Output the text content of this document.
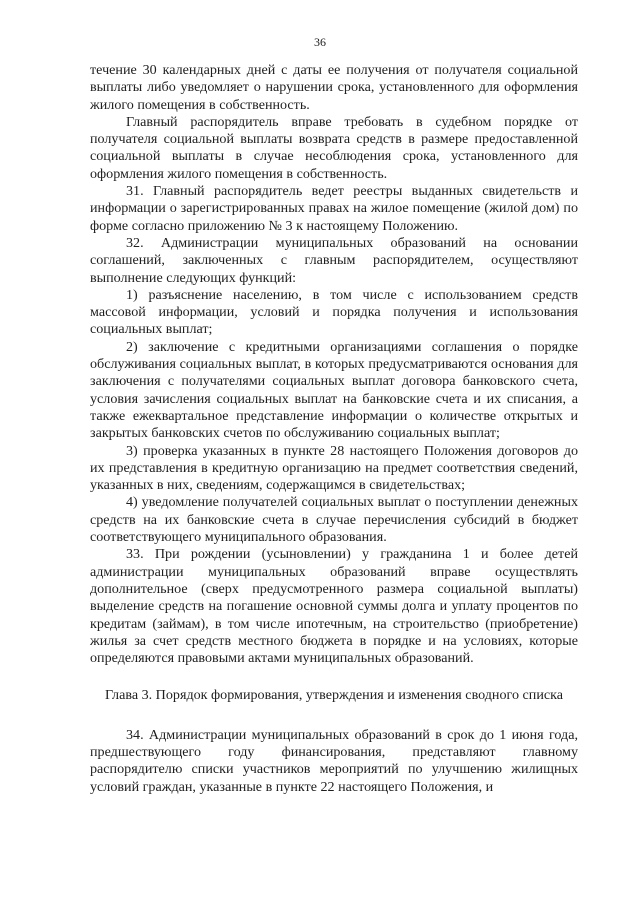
36

течение 30 календарных дней с даты ее получения от получателя социальной выплаты либо уведомляет о нарушении срока, установленного для оформления жилого помещения в собственность.

Главный распорядитель вправе требовать в судебном порядке от получателя социальной выплаты возврата средств в размере предоставленной социальной выплаты в случае несоблюдения срока, установленного для оформления жилого помещения в собственность.

31. Главный распорядитель ведет реестры выданных свидетельств и информации о зарегистрированных правах на жилое помещение (жилой дом) по форме согласно приложению № 3 к настоящему Положению.

32. Администрации муниципальных образований на основании соглашений, заключенных с главным распорядителем, осуществляют выполнение следующих функций:

1) разъяснение населению, в том числе с использованием средств массовой информации, условий и порядка получения и использования социальных выплат;

2) заключение с кредитными организациями соглашения о порядке обслуживания социальных выплат, в которых предусматриваются основания для заключения с получателями социальных выплат договора банковского счета, условия зачисления социальных выплат на банковские счета и их списания, а также ежеквартальное представление информации о количестве открытых и закрытых банковских счетов по обслуживанию социальных выплат;

3) проверка указанных в пункте 28 настоящего Положения договоров до их представления в кредитную организацию на предмет соответствия сведений, указанных в них, сведениям, содержащимся в свидетельствах;

4) уведомление получателей социальных выплат о поступлении денежных средств на их банковские счета в случае перечисления субсидий в бюджет соответствующего муниципального образования.

33. При рождении (усыновлении) у гражданина 1 и более детей администрации муниципальных образований вправе осуществлять дополнительное (сверх предусмотренного размера социальной выплаты) выделение средств на погашение основной суммы долга и уплату процентов по кредитам (займам), в том числе ипотечным, на строительство (приобретение) жилья за счет средств местного бюджета в порядке и на условиях, которые определяются правовыми актами муниципальных образований.

Глава 3. Порядок формирования, утверждения и изменения сводного списка

34. Администрации муниципальных образований в срок до 1 июня года, предшествующего году финансирования, представляют главному распорядителю списки участников мероприятий по улучшению жилищных условий граждан, указанные в пункте 22 настоящего Положения, и
